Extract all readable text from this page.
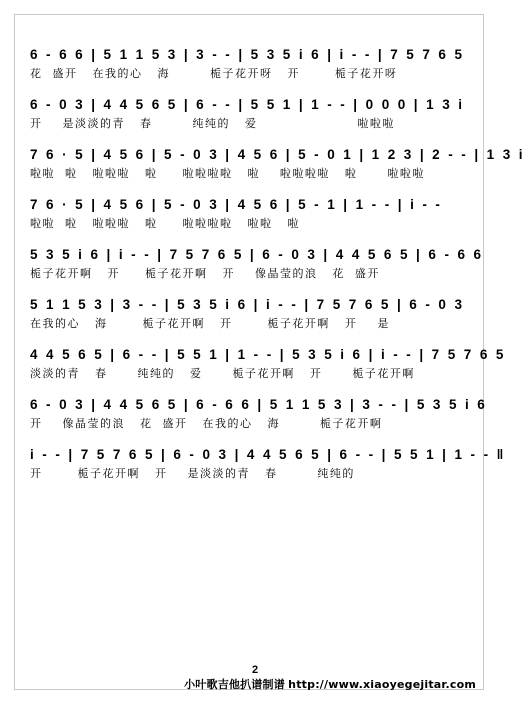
6 - 6 6 | 5 1 1 5 3 | 3 - - | 5 3 5 i 6 | i - - | 7 5 7 6 5
花  盛开   在我的心   海        栀子花开呀   开       栀子花开呀
6 - 0 3 | 4 4 5 6 5 | 6 - - | 5 5 1 | 1 - - | 0 0 0 | 1 3 i
开    是淡淡的青   春        纯纯的   爱                    啦啦啦
7 6 · 5 | 4 5 6 | 5 - 0 3 | 4 5 6 | 5 - 0 1 | 1 2 3 | 2 - - | 1 3 i
啦啦  啦   啦啦啦   啦     啦啦啦啦   啦    啦啦啦啦   啦      啦啦啦
7 6 · 5 | 4 5 6 | 5 - 0 3 | 4 5 6 | 5 - 1 | 1 - - | i - -
啦啦  啦   啦啦啦   啦     啦啦啦啦   啦啦   啦
5 3 5 i 6 | i - - | 7 5 7 6 5 | 6 - 0 3 | 4 4 5 6 5 | 6 - 6 6
栀子花开啊   开     栀子花开啊   开    像晶莹的浪   花  盛开
5 1 1 5 3 | 3 - - | 5 3 5 i 6 | i - - | 7 5 7 6 5 | 6 - 0 3
在我的心   海       栀子花开啊   开       栀子花开啊   开    是
4 4 5 6 5 | 6 - - | 5 5 1 | 1 - - | 5 3 5 i 6 | i - - | 7 5 7 6 5
淡淡的青   春      纯纯的   爱      栀子花开啊   开      栀子花开啊
6 - 0 3 | 4 4 5 6 5 | 6 - 6 6 | 5 1 1 5 3 | 3 - - | 5 3 5 i 6
开    像晶莹的浪   花  盛开   在我的心   海        栀子花开啊
i - - | 7 5 7 6 5 | 6 - 0 3 | 4 4 5 6 5 | 6 - - | 5 5 1 | 1 - - ‖
开       栀子花开啊   开    是淡淡的青   春        纯纯的
2
小叶歌吉他扒谱制谱 http://www.xiaoyegejitar.com
